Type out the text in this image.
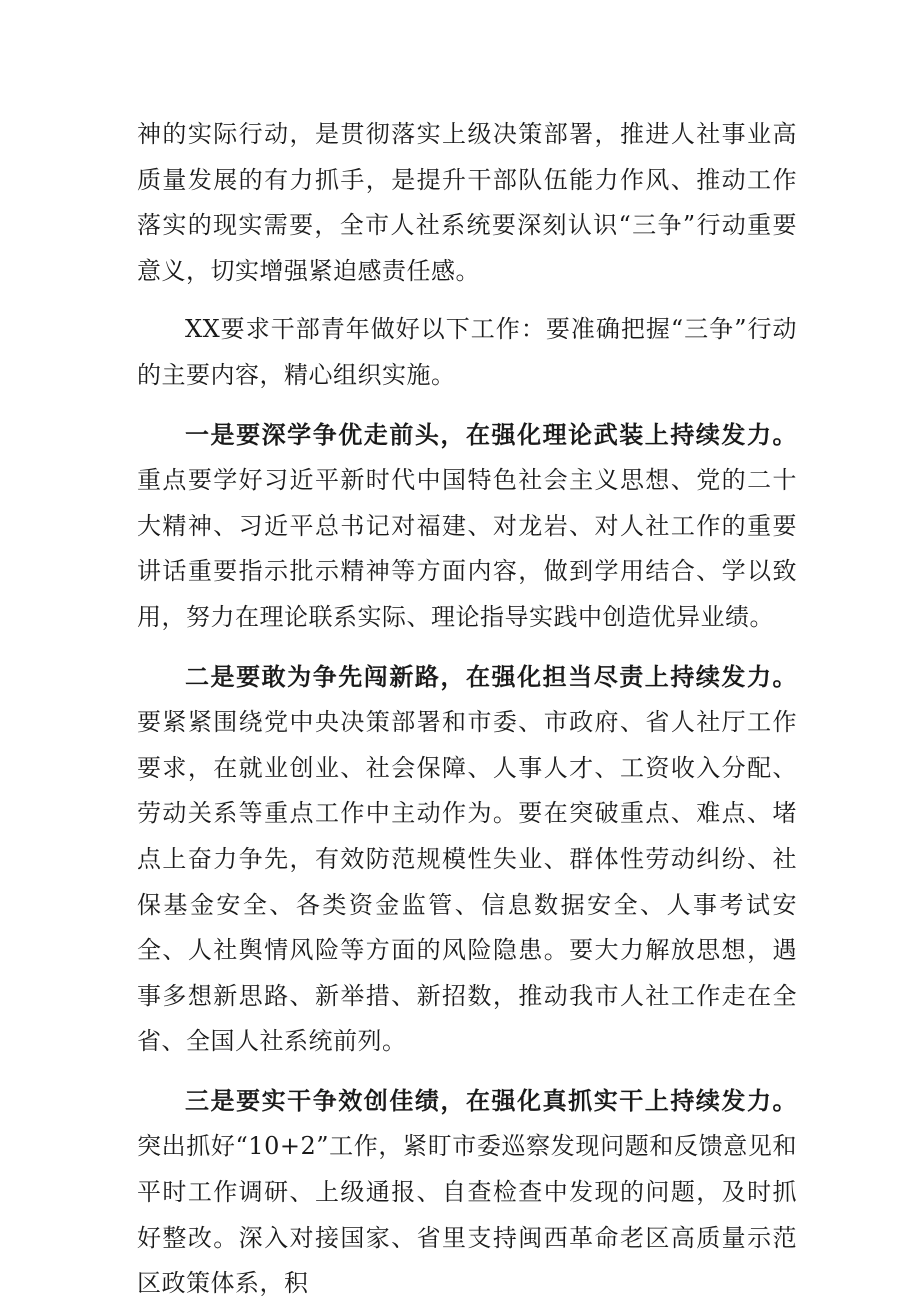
神的实际行动，是贯彻落实上级决策部署，推进人社事业高质量发展的有力抓手，是提升干部队伍能力作风、推动工作落实的现实需要，全市人社系统要深刻认识“三争”行动重要意义，切实增强紧迫感责任感。

XX要求干部青年做好以下工作：要准确把握“三争”行动的主要内容，精心组织实施。

一是要深学争优走前头，在强化理论武装上持续发力。重点要学好习近平新时代中国特色社会主义思想、党的二十大精神、习近平总书记对福建、对龙岩、对人社工作的重要讲话重要指示批示精神等方面内容，做到学用结合、学以致用，努力在理论联系实际、理论指导实践中创造优异业绩。

二是要敢为争先闯新路，在强化担当尽责上持续发力。要紧紧围绕党中央决策部署和市委、市政府、省人社厅工作要求，在就业创业、社会保障、人事人才、工资收入分配、劳动关系等重点工作中主动作为。要在突破重点、难点、堵点上奋力争先，有效防范规模性失业、群体性劳动纠纷、社保基金安全、各类资金监管、信息数据安全、人事考试安全、人社舆情风险等方面的风险隐患。要大力解放思想，遇事多想新思路、新举措、新招数，推动我市人社工作走在全省、全国人社系统前列。

三是要实干争效创佳绩，在强化真抓实干上持续发力。突出抓好“10+2”工作，紧盯市委巡察发现问题和反馈意见和平时工作调研、上级通报、自查检查中发现的问题，及时抓好整改。深入对接国家、省里支持闽西革命老区高质量示范区政策体系，积
